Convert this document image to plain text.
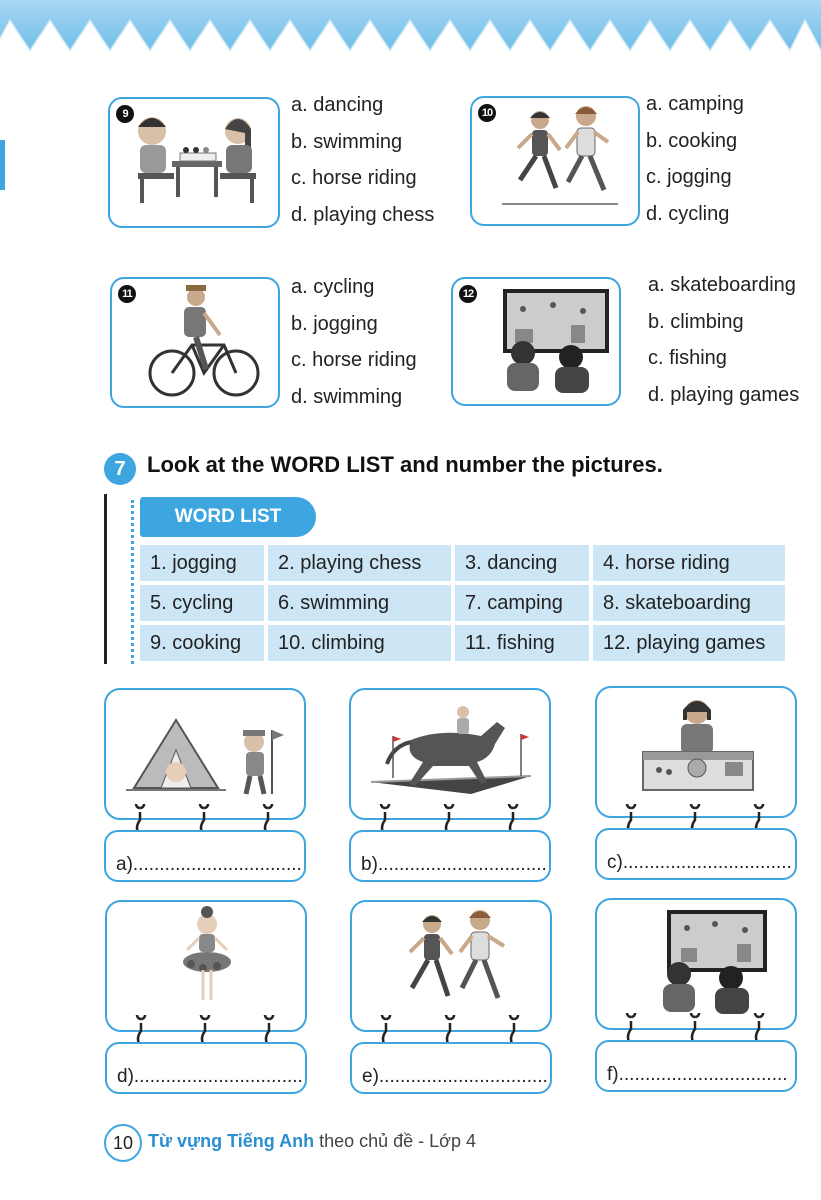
9	a. dancing
b. swimming
c. horse riding
d. playing chess
10	a. camping
b. cooking
c. jogging
d. cycling
11	a. cycling
b. jogging
c. horse riding
d. swimming
12	a. skateboarding
b. climbing
c. fishing
d. playing games
7 Look at the WORD LIST and number the pictures.
WORD LIST
1. jogging	2. playing chess	3. dancing	4. horse riding
5. cycling	6. swimming	7. camping	8. skateboarding
9. cooking	10. climbing	11. fishing	12. playing games
a)................................	b)................................	c)................................
d)................................	e)................................	f)................................
10 Từ vựng Tiếng Anh theo chủ đề - Lớp 4
